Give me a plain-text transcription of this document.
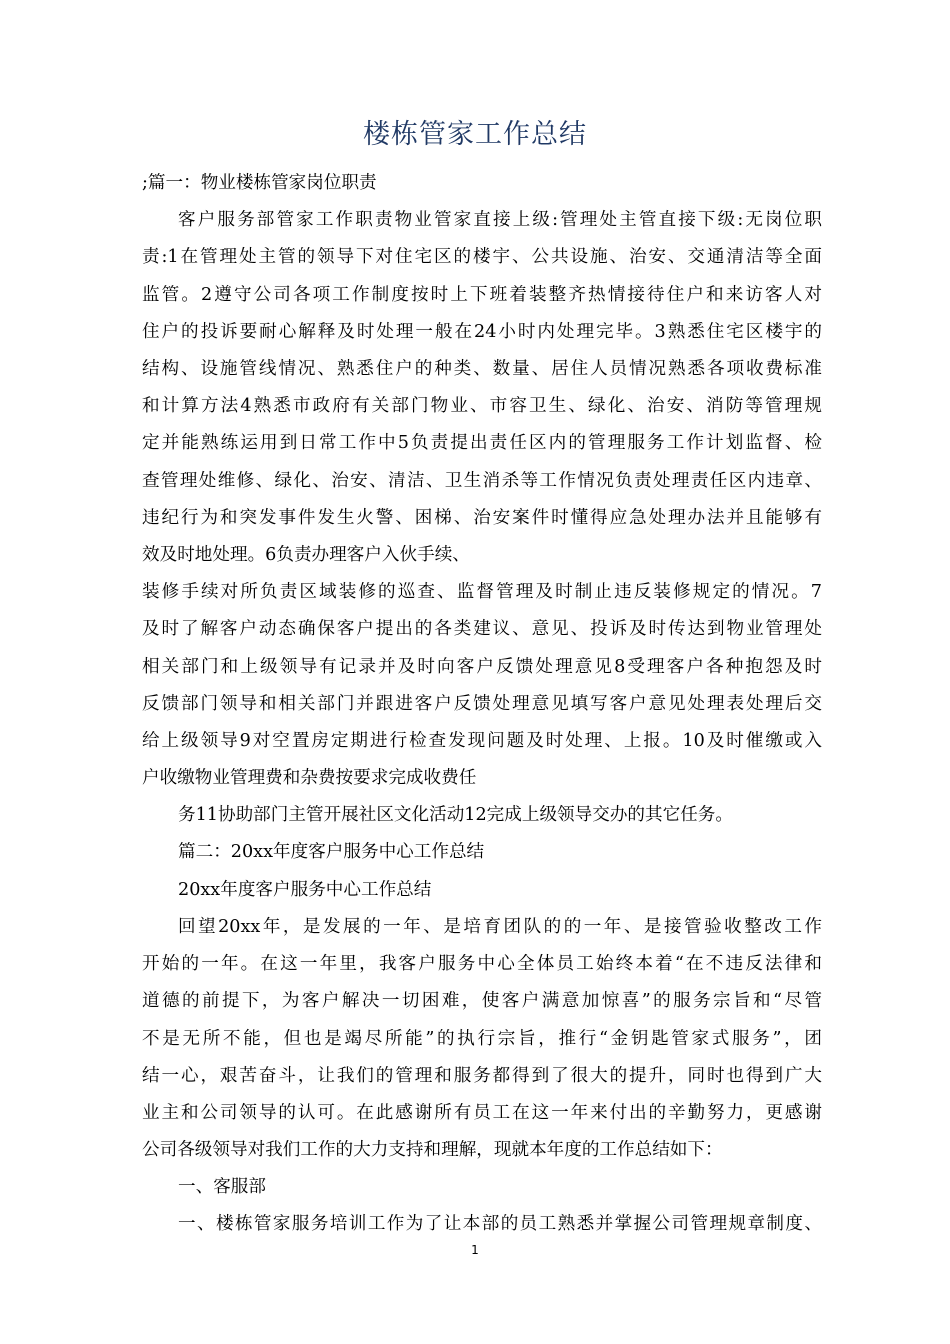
楼栋管家工作总结
;篇一：物业楼栋管家岗位职责
客户服务部管家工作职责物业管家直接上级:管理处主管直接下级:无岗位职
责:1在管理处主管的领导下对住宅区的楼宇、公共设施、治安、交通清洁等全面
监管。2遵守公司各项工作制度按时上下班着装整齐热情接待住户和来访客人对
住户的投诉要耐心解释及时处理一般在24小时内处理完毕。3熟悉住宅区楼宇的
结构、设施管线情况、熟悉住户的种类、数量、居住人员情况熟悉各项收费标准
和计算方法4熟悉市政府有关部门物业、市容卫生、绿化、治安、消防等管理规
定并能熟练运用到日常工作中5负责提出责任区内的管理服务工作计划监督、检
查管理处维修、绿化、治安、清洁、卫生消杀等工作情况负责处理责任区内违章、
违纪行为和突发事件发生火警、困梯、治安案件时懂得应急处理办法并且能够有
效及时地处理。6负责办理客户入伙手续、
装修手续对所负责区域装修的巡查、监督管理及时制止违反装修规定的情况。7
及时了解客户动态确保客户提出的各类建议、意见、投诉及时传达到物业管理处
相关部门和上级领导有记录并及时向客户反馈处理意见8受理客户各种抱怨及时
反馈部门领导和相关部门并跟进客户反馈处理意见填写客户意见处理表处理后交
给上级领导9对空置房定期进行检查发现问题及时处理、上报。10及时催缴或入
户收缴物业管理费和杂费按要求完成收费任
务11协助部门主管开展社区文化活动12完成上级领导交办的其它任务。
篇二：20xx年度客户服务中心工作总结
20xx年度客户服务中心工作总结
回望20xx年，是发展的一年、是培育团队的的一年、是接管验收整改工作
开始的一年。在这一年里，我客户服务中心全体员工始终本着“在不违反法律和
道德的前提下，为客户解决一切困难，使客户满意加惊喜”的服务宗旨和“尽管
不是无所不能，但也是竭尽所能”的执行宗旨，推行“金钥匙管家式服务”，团
结一心，艰苦奋斗，让我们的管理和服务都得到了很大的提升，同时也得到广大
业主和公司领导的认可。在此感谢所有员工在这一年来付出的辛勤努力，更感谢
公司各级领导对我们工作的大力支持和理解，现就本年度的工作总结如下：
一、客服部
一、楼栋管家服务培训工作为了让本部的员工熟悉并掌握公司管理规章制度、
1
